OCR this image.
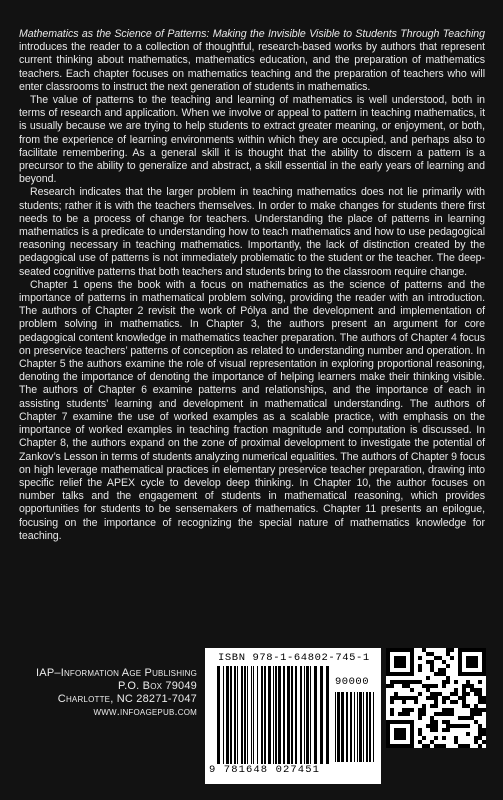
Mathematics as the Science of Patterns: Making the Invisible Visible to Students Through Teaching introduces the reader to a collection of thoughtful, research-based works by authors that represent current thinking about mathematics, mathematics education, and the preparation of mathematics teachers. Each chapter focuses on mathematics teaching and the preparation of teachers who will enter classrooms to instruct the next generation of students in mathematics.

The value of patterns to the teaching and learning of mathematics is well understood, both in terms of research and application. When we involve or appeal to pattern in teaching mathematics, it is usually because we are trying to help students to extract greater meaning, or enjoyment, or both, from the experience of learning environments within which they are occupied, and perhaps also to facilitate remembering. As a general skill it is thought that the ability to discern a pattern is a precursor to the ability to generalize and abstract, a skill essential in the early years of learning and beyond.

Research indicates that the larger problem in teaching mathematics does not lie primarily with students; rather it is with the teachers themselves. In order to make changes for students there first needs to be a process of change for teachers. Understanding the place of patterns in learning mathematics is a predicate to understanding how to teach mathematics and how to use pedagogical reasoning necessary in teaching mathematics. Importantly, the lack of distinction created by the pedagogical use of patterns is not immediately problematic to the student or the teacher. The deep-seated cognitive patterns that both teachers and students bring to the classroom require change.

Chapter 1 opens the book with a focus on mathematics as the science of patterns and the importance of patterns in mathematical problem solving, providing the reader with an introduction. The authors of Chapter 2 revisit the work of Pólya and the development and implementation of problem solving in mathematics. In Chapter 3, the authors present an argument for core pedagogical content knowledge in mathematics teacher preparation. The authors of Chapter 4 focus on preservice teachers’ patterns of conception as related to understanding number and operation. In Chapter 5 the authors examine the role of visual representation in exploring proportional reasoning, denoting the importance of denoting the importance of helping learners make their thinking visible. The authors of Chapter 6 examine patterns and relationships, and the importance of each in assisting students’ learning and development in mathematical understanding. The authors of Chapter 7 examine the use of worked examples as a scalable practice, with emphasis on the importance of worked examples in teaching fraction magnitude and computation is discussed. In Chapter 8, the authors expand on the zone of proximal development to investigate the potential of Zankov’s Lesson in terms of students analyzing numerical equalities. The authors of Chapter 9 focus on high leverage mathematical practices in elementary preservice teacher preparation, drawing into specific relief the APEX cycle to develop deep thinking. In Chapter 10, the author focuses on number talks and the engagement of students in mathematical reasoning, which provides opportunities for students to be sensemakers of mathematics. Chapter 11 presents an epilogue, focusing on the importance of recognizing the special nature of mathematics knowledge for teaching.

IAP–Information Age Publishing
P.O. Box 79049
Charlotte, NC 28271-7047
www.infoagepub.com
ISBN 978-1-64802-745-1
90000
9 781648 027451
